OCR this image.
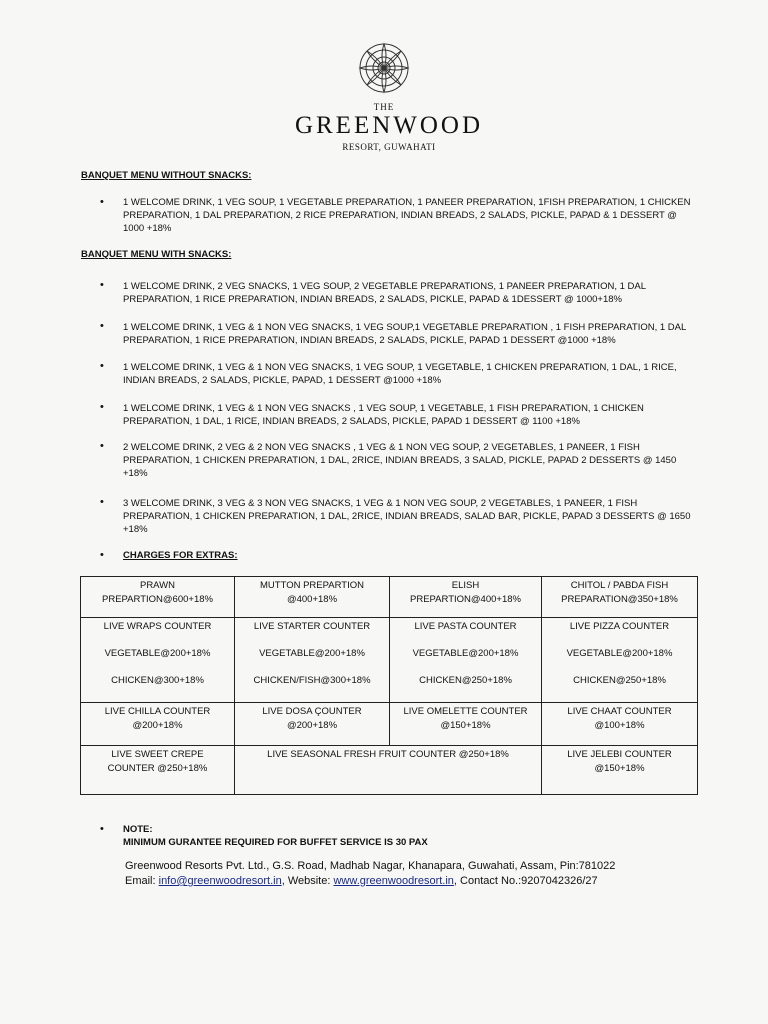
THE
GREENWOOD
RESORT, GUWAHATI
BANQUET MENU WITHOUT SNACKS:
• 1 WELCOME DRINK, 1 VEG SOUP, 1 VEGETABLE PREPARATION, 1 PANEER PREPARATION, 1FISH PREPARATION, 1 CHICKEN PREPARATION, 1 DAL PREPARATION, 2 RICE PREPARATION, INDIAN BREADS, 2 SALADS, PICKLE, PAPAD & 1 DESSERT @ 1000 +18%
BANQUET MENU WITH SNACKS:
• 1 WELCOME DRINK, 2 VEG SNACKS, 1 VEG SOUP, 2 VEGETABLE PREPARATIONS, 1 PANEER PREPARATION, 1 DAL PREPARATION, 1 RICE PREPARATION, INDIAN BREADS, 2 SALADS, PICKLE, PAPAD & 1DESSERT @ 1000+18%
• 1 WELCOME DRINK, 1 VEG & 1 NON VEG SNACKS, 1 VEG SOUP,1 VEGETABLE PREPARATION , 1 FISH PREPARATION, 1 DAL PREPARATION, 1 RICE PREPARATION, INDIAN BREADS, 2 SALADS, PICKLE, PAPAD 1 DESSERT @1000 +18%
• 1 WELCOME DRINK, 1 VEG & 1 NON VEG SNACKS, 1 VEG SOUP, 1 VEGETABLE, 1 CHICKEN PREPARATION, 1 DAL, 1 RICE, INDIAN BREADS, 2 SALADS, PICKLE, PAPAD, 1 DESSERT @1000 +18%
• 1 WELCOME DRINK, 1 VEG & 1 NON VEG SNACKS , 1 VEG SOUP, 1 VEGETABLE, 1 FISH PREPARATION, 1 CHICKEN PREPARATION, 1 DAL, 1 RICE, INDIAN BREADS, 2 SALADS, PICKLE, PAPAD 1 DESSERT @ 1100 +18%
• 2 WELCOME DRINK, 2 VEG & 2 NON VEG SNACKS , 1 VEG & 1 NON VEG SOUP, 2 VEGETABLES, 1 PANEER, 1 FISH PREPARATION, 1 CHICKEN PREPARATION, 1 DAL, 2RICE, INDIAN BREADS, 3 SALAD, PICKLE, PAPAD 2 DESSERTS @ 1450 +18%
• 3 WELCOME DRINK, 3 VEG & 3 NON VEG SNACKS, 1 VEG & 1 NON VEG SOUP, 2 VEGETABLES, 1 PANEER, 1 FISH PREPARATION, 1 CHICKEN PREPARATION, 1 DAL, 2RICE, INDIAN BREADS, SALAD BAR, PICKLE, PAPAD 3 DESSERTS @ 1650 +18%
• CHARGES FOR EXTRAS:
PRAWN
PREPARTION@600+18%	MUTTON PREPARTION
@400+18%	ELISH
PREPARTION@400+18%	CHITOL / PABDA FISH
PREPARATION@350+18%

LIVE WRAPS COUNTER
VEGETABLE@200+18%
CHICKEN@300+18%	LIVE STARTER COUNTER
VEGETABLE@200+18%
CHICKEN/FISH@300+18%	LIVE PASTA COUNTER
VEGETABLE@200+18%
CHICKEN@250+18%	LIVE PIZZA COUNTER
VEGETABLE@200+18%
CHICKEN@250+18%

LIVE CHILLA COUNTER
@200+18%	LIVE DOSA ÇOUNTER
@200+18%	LIVE OMELETTE COUNTER
@150+18%	LIVE CHAAT COUNTER
@100+18%

LIVE SWEET CREPE
COUNTER @250+18%	LIVE SEASONAL FRESH FRUIT COUNTER @250+18%		LIVE JELEBI COUNTER
@150+18%
• NOTE:
MINIMUM GURANTEE REQUIRED FOR BUFFET SERVICE IS 30 PAX
Greenwood Resorts Pvt. Ltd., G.S. Road, Madhab Nagar, Khanapara, Guwahati, Assam, Pin:781022
Email: info@greenwoodresort.in, Website: www.greenwoodresort.in, Contact No.:9207042326/27
